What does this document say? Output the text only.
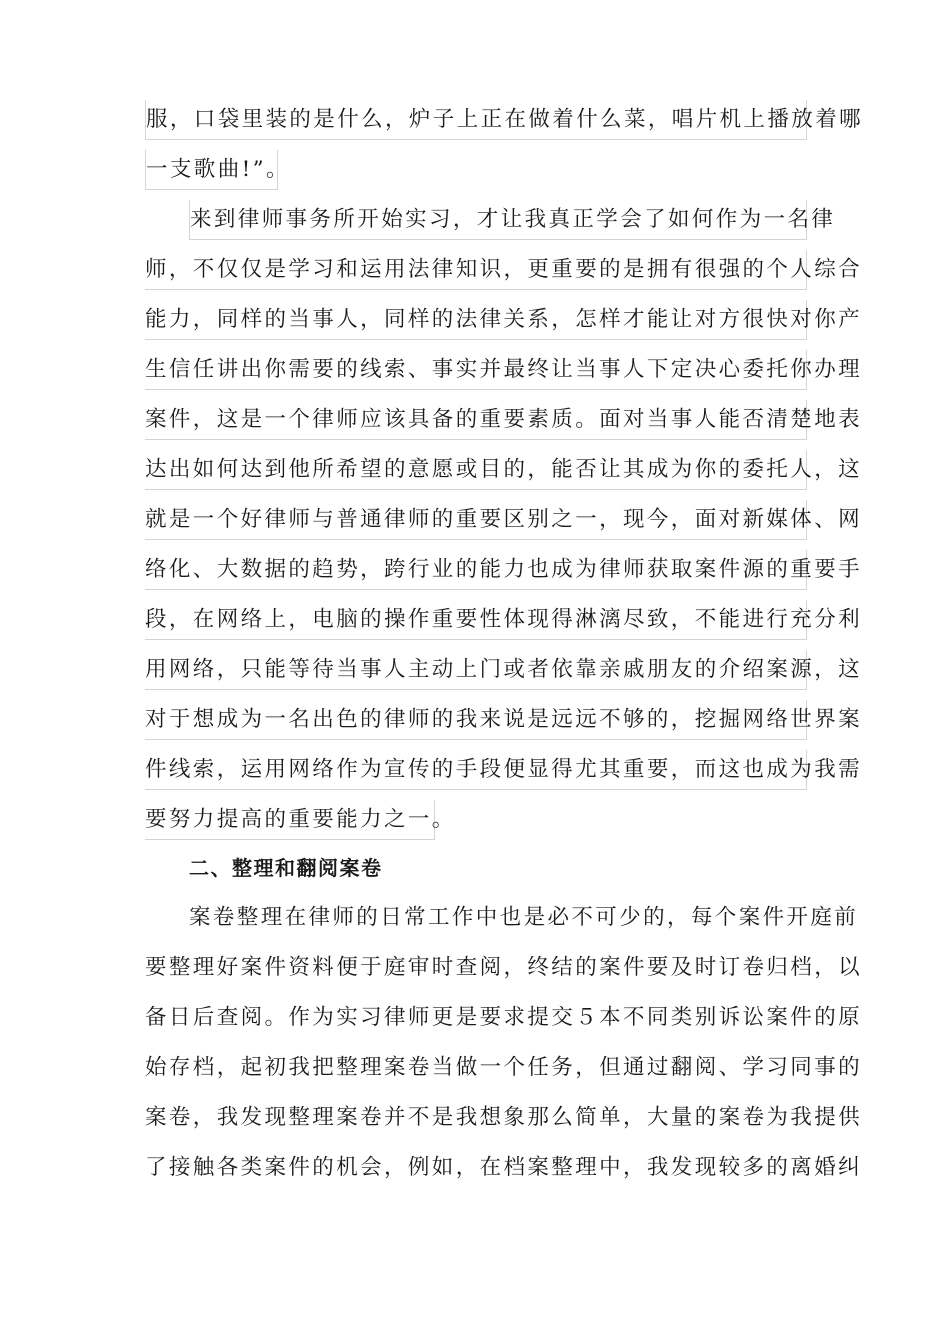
服，口袋里装的是什么，炉子上正在做着什么菜，唱片机上播放着哪
一支歌曲!”。
来到律师事务所开始实习，才让我真正学会了如何作为一名律
师，不仅仅是学习和运用法律知识，更重要的是拥有很强的个人综合
能力，同样的当事人，同样的法律关系，怎样才能让对方很快对你产
生信任讲出你需要的线索、事实并最终让当事人下定决心委托你办理
案件，这是一个律师应该具备的重要素质。面对当事人能否清楚地表
达出如何达到他所希望的意愿或目的，能否让其成为你的委托人，这
就是一个好律师与普通律师的重要区别之一，现今，面对新媒体、网
络化、大数据的趋势，跨行业的能力也成为律师获取案件源的重要手
段，在网络上，电脑的操作重要性体现得淋漓尽致，不能进行充分利
用网络，只能等待当事人主动上门或者依靠亲戚朋友的介绍案源，这
对于想成为一名出色的律师的我来说是远远不够的，挖掘网络世界案
件线索，运用网络作为宣传的手段便显得尤其重要，而这也成为我需
要努力提高的重要能力之一。
二、整理和翻阅案卷
案卷整理在律师的日常工作中也是必不可少的，每个案件开庭前
要整理好案件资料便于庭审时查阅，终结的案件要及时订卷归档，以
备日后查阅。作为实习律师更是要求提交５本不同类别诉讼案件的原
始存档，起初我把整理案卷当做一个任务，但通过翻阅、学习同事的
案卷，我发现整理案卷并不是我想象那么简单，大量的案卷为我提供
了接触各类案件的机会，例如，在档案整理中，我发现较多的离婚纠
